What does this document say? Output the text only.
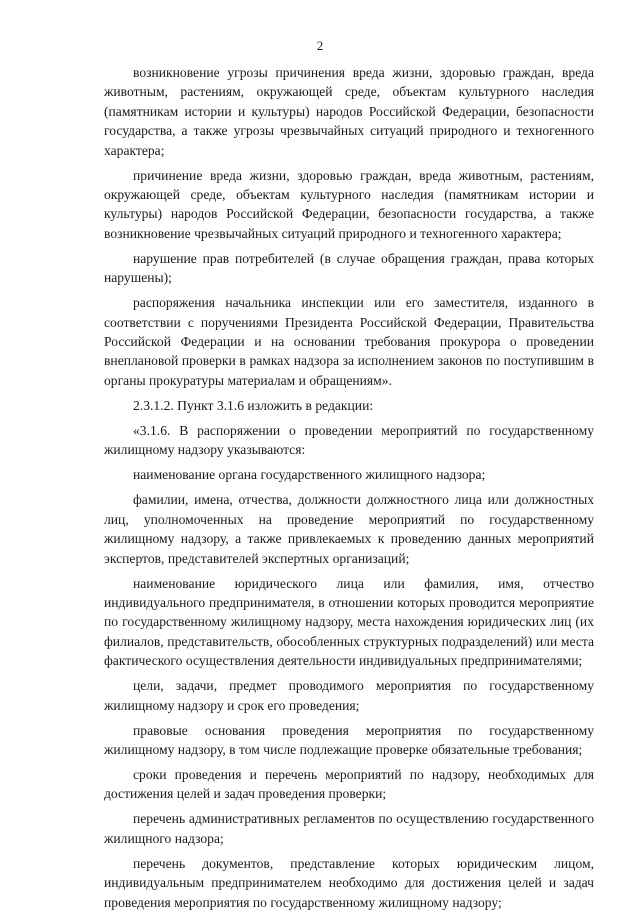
2

возникновение угрозы причинения вреда жизни, здоровью граждан, вреда животным, растениям, окружающей среде, объектам культурного наследия (памятникам истории и культуры) народов Российской Федерации, безопасности государства, а также угрозы чрезвычайных ситуаций природного и техногенного характера;

причинение вреда жизни, здоровью граждан, вреда животным, растениям, окружающей среде, объектам культурного наследия (памятникам истории и культуры) народов Российской Федерации, безопасности государства, а также возникновение чрезвычайных ситуаций природного и техногенного характера;

нарушение прав потребителей (в случае обращения граждан, права которых нарушены);

распоряжения начальника инспекции или его заместителя, изданного в соответствии с поручениями Президента Российской Федерации, Правительства Российской Федерации и на основании требования прокурора о проведении внеплановой проверки в рамках надзора за исполнением законов по поступившим в органы прокуратуры материалам и обращениям».

2.3.1.2. Пункт 3.1.6 изложить в редакции:

«3.1.6. В распоряжении о проведении мероприятий по государственному жилищному надзору указываются:

наименование органа государственного жилищного надзора;

фамилии, имена, отчества, должности должностного лица или должностных лиц, уполномоченных на проведение мероприятий по государственному жилищному надзору, а также привлекаемых к проведению данных мероприятий экспертов, представителей экспертных организаций;

наименование юридического лица или фамилия, имя, отчество индивидуального предпринимателя, в отношении которых проводится мероприятие по государственному жилищному надзору, места нахождения юридических лиц (их филиалов, представительств, обособленных структурных подразделений) или места фактического осуществления деятельности индивидуальных предпринимателями;

цели, задачи, предмет проводимого мероприятия по государственному жилищному надзору и срок его проведения;

правовые основания проведения мероприятия по государственному жилищному надзору, в том числе подлежащие проверке обязательные требования;

сроки проведения и перечень мероприятий по надзору, необходимых для достижения целей и задач проведения проверки;

перечень административных регламентов по осуществлению государственного жилищного надзора;

перечень документов, представление которых юридическим лицом, индивидуальным предпринимателем необходимо для достижения целей и задач проведения мероприятия по государственному жилищному надзору;
